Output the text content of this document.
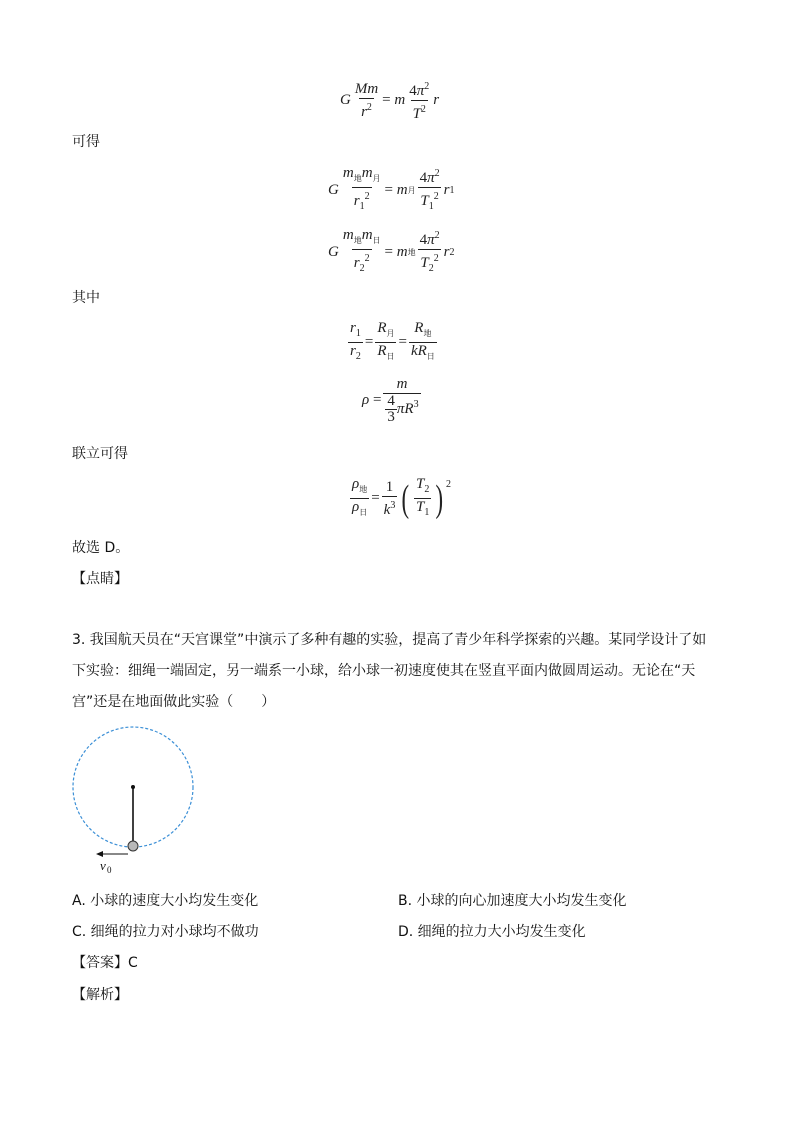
G $\frac{Mm}{r^2}$ =
m $\frac{4\pi^2}{T^2}$ r
可得
G $\frac{m_地m_月}{r_1^2}$ =
m 月 $\frac{4\pi^2}{T_1^2}$ r 1
G $\frac{m_地m_日}{r_2^2}$ =
m 地 $\frac{4\pi^2}{T_2^2}$ r 2
其中
$\frac{r_1}{r_2} = \frac{R_月}{R_日} = \frac{R_地}{kR_日}$
ρ
= $\frac{m}{\frac{4}{3} \pi R^3}$
联立可得
$\frac{\rho_地}{\rho_日} = \frac{1}{k^3}$ ( $\frac{T_2}{T_1}$ ) $^2$
故选 D。
【点睛】
3. 我国航天员在“天宫课堂”中演示了多种有趣的实验，提高了青少年科学探索的兴趣。某同学设计了如
下实验：细绳一端固定，另一端系一小球，给小球一初速度使其在竖直平面内做圆周运动。无论在“天
宫”还是在地面做此实验（　　）
v 0
A. 小球的速度大小均发生变化	B. 小球的向心加速度大小均发生变化
C. 细绳的拉力对小球均不做功	D. 细绳的拉力大小均发生变化
【答案】C
【解析】
